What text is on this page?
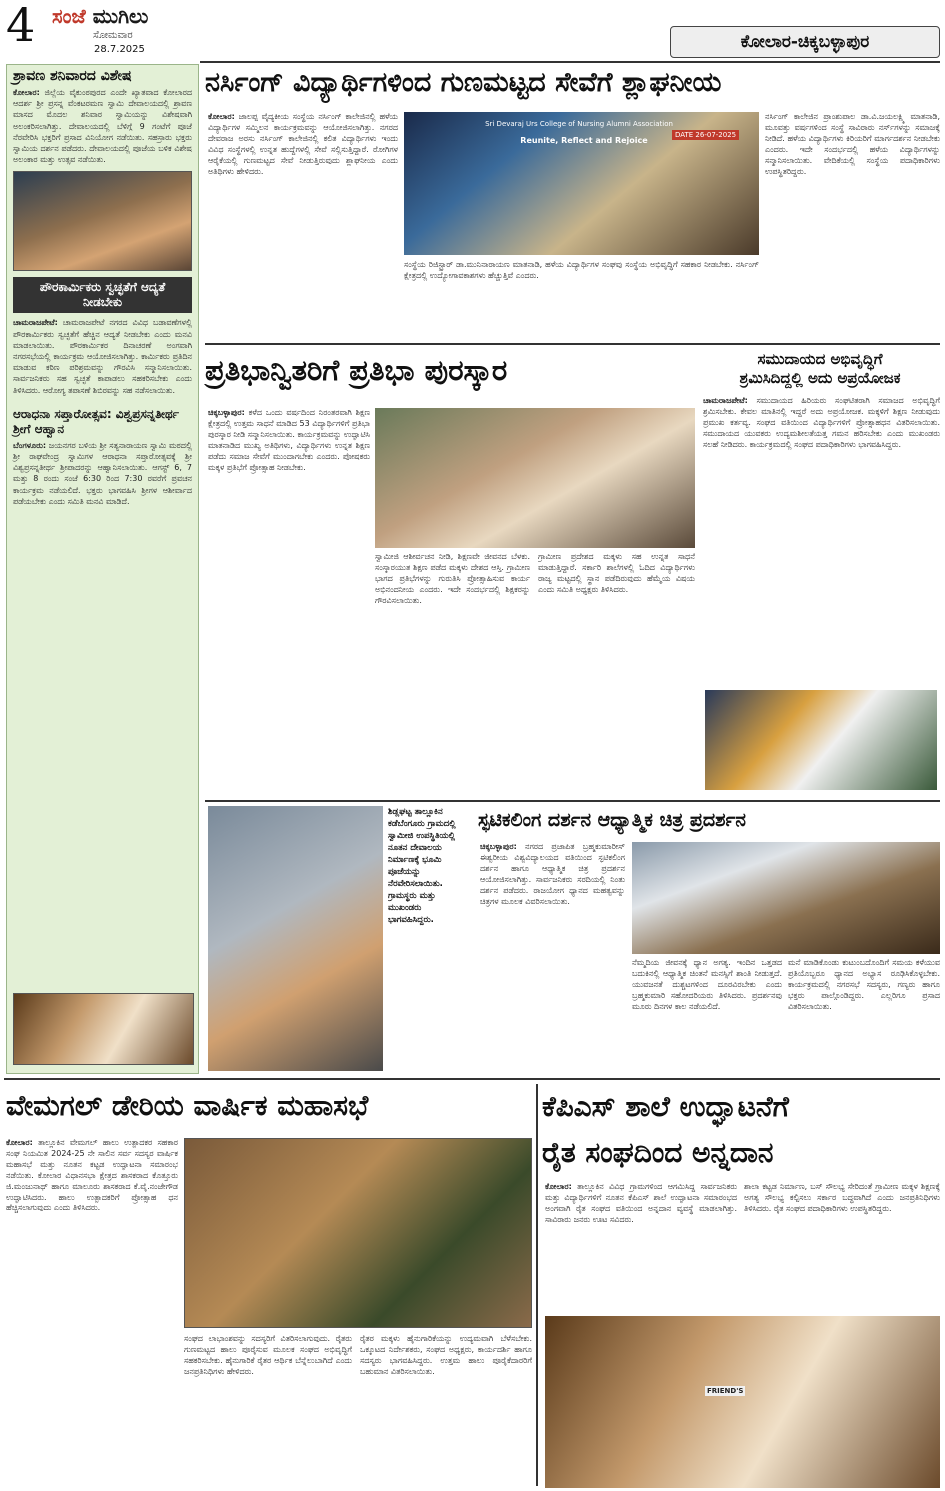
4 ಸಂಜೆ ಮುಗಿಲು
ಸೋಮವಾರ
28.7.2025	ಕೋಲಾರ-ಚಿಕ್ಕಬಳ್ಳಾಪುರ
ಶ್ರಾವಣ ಶನಿವಾರದ ವಿಶೇಷ
ಕೋಲಾರ: ಜಿಲ್ಲೆಯ ವೈಕುಂಠಪುರದ ಎಂದೇ ಖ್ಯಾತವಾದ ಕೋಲಾರದ ಆದರ್ಶ ಶ್ರೀ ಪ್ರಸನ್ನ ವೆಂಕಟರಮಣ ಸ್ವಾಮಿ ದೇವಾಲಯದಲ್ಲಿ ಶ್ರಾವಣ ಮಾಸದ ಮೊದಲ ಶನಿವಾರ ಸ್ವಾಮಿಯನ್ನು ವಿಶೇಷವಾಗಿ ಅಲಂಕರಿಸಲಾಗಿತ್ತು. ದೇವಾಲಯದಲ್ಲಿ ಬೆಳಿಗ್ಗೆ 9 ಗಂಟೆಗೆ ಪೂಜೆ ನೆರವೇರಿಸಿ ಭಕ್ತರಿಗೆ ಪ್ರಸಾದ ವಿನಿಯೋಗ ನಡೆಯಿತು. ಸಹಸ್ರಾರು ಭಕ್ತರು ಸ್ವಾಮಿಯ ದರ್ಶನ ಪಡೆದರು. ದೇವಾಲಯದಲ್ಲಿ ಪೂಜೆಯ ಬಳಿಕ ವಿಶೇಷ ಅಲಂಕಾರ ಮತ್ತು ಉತ್ಸವ ನಡೆಯಿತು.
ಪೌರಕಾರ್ಮಿಕರು ಸ್ವಚ್ಛತೆಗೆ ಆದ್ಯತೆ ನೀಡಬೇಕು
ಚಾಮರಾಜಪೇಟೆ: ಚಾಮರಾಜಪೇಟೆ ನಗರದ ವಿವಿಧ ಬಡಾವಣೆಗಳಲ್ಲಿ ಪೌರಕಾರ್ಮಿಕರು ಸ್ವಚ್ಛತೆಗೆ ಹೆಚ್ಚಿನ ಆದ್ಯತೆ ನೀಡಬೇಕು ಎಂದು ಮನವಿ ಮಾಡಲಾಯಿತು. ಪೌರಕಾರ್ಮಿಕರ ದಿನಾಚರಣೆ ಅಂಗವಾಗಿ ನಗರಸಭೆಯಲ್ಲಿ ಕಾರ್ಯಕ್ರಮ ಆಯೋಜಿಸಲಾಗಿತ್ತು. ಕಾರ್ಮಿಕರು ಪ್ರತಿದಿನ ಮಾಡುವ ಕಠಿಣ ಪರಿಶ್ರಮವನ್ನು ಗೌರವಿಸಿ ಸನ್ಮಾನಿಸಲಾಯಿತು. ಸಾರ್ವಜನಿಕರು ಸಹ ಸ್ವಚ್ಛತೆ ಕಾಪಾಡಲು ಸಹಕರಿಸಬೇಕು ಎಂದು ತಿಳಿಸಿದರು. ಆರೋಗ್ಯ ತಪಾಸಣೆ ಶಿಬಿರವನ್ನು ಸಹ ನಡೆಸಲಾಯಿತು.
ಆರಾಧನಾ ಸಪ್ತಾರೋತ್ಸವ: ವಿಶ್ವಪ್ರಸನ್ನತೀರ್ಥ ಶ್ರೀಗೆ ಆಹ್ವಾನ
ಬೆಂಗಳೂರು: ಜಯನಗರ ಬಳಿಯ ಶ್ರೀ ಸತ್ಯನಾರಾಯಣ ಸ್ವಾಮಿ ಮಠದಲ್ಲಿ ಶ್ರೀ ರಾಘವೇಂದ್ರ ಸ್ವಾಮಿಗಳ ಆರಾಧನಾ ಸಪ್ತಾರೋತ್ಸವಕ್ಕೆ ಶ್ರೀ ವಿಶ್ವಪ್ರಸನ್ನತೀರ್ಥ ಶ್ರೀಪಾದರನ್ನು ಆಹ್ವಾನಿಸಲಾಯಿತು. ಆಗಸ್ಟ್ 6, 7 ಮತ್ತು 8 ರಂದು ಸಂಜೆ 6:30 ರಿಂದ 7:30 ರವರೆಗೆ ಪ್ರವಚನ ಕಾರ್ಯಕ್ರಮ ನಡೆಯಲಿದೆ. ಭಕ್ತರು ಭಾಗವಹಿಸಿ ಶ್ರೀಗಳ ಆಶೀರ್ವಾದ ಪಡೆಯಬೇಕು ಎಂದು ಸಮಿತಿ ಮನವಿ ಮಾಡಿದೆ.
ನರ್ಸಿಂಗ್ ವಿದ್ಯಾರ್ಥಿಗಳಿಂದ ಗುಣಮಟ್ಟದ ಸೇವೆಗೆ ಶ್ಲಾಘನೀಯ
ಕೋಲಾರ: ಜಾಲಪ್ಪ ವೈದ್ಯಕೀಯ ಸಂಸ್ಥೆಯ ನರ್ಸಿಂಗ್ ಕಾಲೇಜಿನಲ್ಲಿ ಹಳೆಯ ವಿದ್ಯಾರ್ಥಿಗಳ ಸಮ್ಮಿಲನ ಕಾರ್ಯಕ್ರಮವನ್ನು ಆಯೋಜಿಸಲಾಗಿತ್ತು. ನಗರದ ದೇವರಾಜ ಅರಸು ನರ್ಸಿಂಗ್ ಕಾಲೇಜಿನಲ್ಲಿ ಕಲಿತ ವಿದ್ಯಾರ್ಥಿಗಳು ಇಂದು ವಿವಿಧ ಸಂಸ್ಥೆಗಳಲ್ಲಿ ಉನ್ನತ ಹುದ್ದೆಗಳಲ್ಲಿ ಸೇವೆ ಸಲ್ಲಿಸುತ್ತಿದ್ದಾರೆ. ರೋಗಿಗಳ ಆರೈಕೆಯಲ್ಲಿ ಗುಣಮಟ್ಟದ ಸೇವೆ ನೀಡುತ್ತಿರುವುದು ಶ್ಲಾಘನೀಯ ಎಂದು ಅತಿಥಿಗಳು ಹೇಳಿದರು.
Sri Devaraj Urs College of Nursing Alumni Association
Reunite, Reflect and Rejoice
DATE 26-07-2025
ಸಂಸ್ಥೆಯ ರಿಜಿಸ್ಟ್ರಾರ್ ಡಾ.ಮುನಿನಾರಾಯಣ ಮಾತನಾಡಿ, ಹಳೆಯ ವಿದ್ಯಾರ್ಥಿಗಳ ಸಂಘವು ಸಂಸ್ಥೆಯ ಅಭಿವೃದ್ಧಿಗೆ ಸಹಕಾರ ನೀಡಬೇಕು. ನರ್ಸಿಂಗ್ ಕ್ಷೇತ್ರದಲ್ಲಿ ಉದ್ಯೋಗಾವಕಾಶಗಳು ಹೆಚ್ಚುತ್ತಿವೆ ಎಂದರು.
ನರ್ಸಿಂಗ್ ಕಾಲೇಜಿನ ಪ್ರಾಂಶುಪಾಲ ಡಾ.ವಿ.ಜಯಲಕ್ಷ್ಮಿ ಮಾತನಾಡಿ, ಮೂವತ್ತು ವರ್ಷಗಳಿಂದ ಸಂಸ್ಥೆ ಸಾವಿರಾರು ನರ್ಸ್‌ಗಳನ್ನು ಸಮಾಜಕ್ಕೆ ನೀಡಿದೆ. ಹಳೆಯ ವಿದ್ಯಾರ್ಥಿಗಳು ಕಿರಿಯರಿಗೆ ಮಾರ್ಗದರ್ಶನ ನೀಡಬೇಕು ಎಂದರು. ಇದೇ ಸಂದರ್ಭದಲ್ಲಿ ಹಳೆಯ ವಿದ್ಯಾರ್ಥಿಗಳನ್ನು ಸನ್ಮಾನಿಸಲಾಯಿತು. ವೇದಿಕೆಯಲ್ಲಿ ಸಂಸ್ಥೆಯ ಪದಾಧಿಕಾರಿಗಳು ಉಪಸ್ಥಿತರಿದ್ದರು.
ಪ್ರತಿಭಾನ್ವಿತರಿಗೆ ಪ್ರತಿಭಾ ಪುರಸ್ಕಾರ
ಚಿಕ್ಕಬಳ್ಳಾಪುರ: ಕಳೆದ ಒಂದು ವರ್ಷದಿಂದ ನಿರಂತರವಾಗಿ ಶಿಕ್ಷಣ ಕ್ಷೇತ್ರದಲ್ಲಿ ಉತ್ತಮ ಸಾಧನೆ ಮಾಡಿದ 53 ವಿದ್ಯಾರ್ಥಿಗಳಿಗೆ ಪ್ರತಿಭಾ ಪುರಸ್ಕಾರ ನೀಡಿ ಸನ್ಮಾನಿಸಲಾಯಿತು. ಕಾರ್ಯಕ್ರಮವನ್ನು ಉದ್ಘಾಟಿಸಿ ಮಾತನಾಡಿದ ಮುಖ್ಯ ಅತಿಥಿಗಳು, ವಿದ್ಯಾರ್ಥಿಗಳು ಉನ್ನತ ಶಿಕ್ಷಣ ಪಡೆದು ಸಮಾಜ ಸೇವೆಗೆ ಮುಂದಾಗಬೇಕು ಎಂದರು. ಪೋಷಕರು ಮಕ್ಕಳ ಪ್ರತಿಭೆಗೆ ಪ್ರೋತ್ಸಾಹ ನೀಡಬೇಕು.
ಸ್ವಾಮೀಜಿ ಆಶೀರ್ವಚನ ನೀಡಿ, ಶಿಕ್ಷಣವೇ ಜೀವನದ ಬೆಳಕು. ಸಂಸ್ಕಾರಯುತ ಶಿಕ್ಷಣ ಪಡೆದ ಮಕ್ಕಳು ದೇಶದ ಆಸ್ತಿ. ಗ್ರಾಮೀಣ ಭಾಗದ ಪ್ರತಿಭೆಗಳನ್ನು ಗುರುತಿಸಿ ಪ್ರೋತ್ಸಾಹಿಸುವ ಕಾರ್ಯ ಅಭಿನಂದನೀಯ ಎಂದರು. ಇದೇ ಸಂದರ್ಭದಲ್ಲಿ ಶಿಕ್ಷಕರನ್ನು ಗೌರವಿಸಲಾಯಿತು.
ಗ್ರಾಮೀಣ ಪ್ರದೇಶದ ಮಕ್ಕಳು ಸಹ ಉನ್ನತ ಸಾಧನೆ ಮಾಡುತ್ತಿದ್ದಾರೆ. ಸರ್ಕಾರಿ ಶಾಲೆಗಳಲ್ಲಿ ಓದಿದ ವಿದ್ಯಾರ್ಥಿಗಳು ರಾಜ್ಯ ಮಟ್ಟದಲ್ಲಿ ಸ್ಥಾನ ಪಡೆದಿರುವುದು ಹೆಮ್ಮೆಯ ವಿಷಯ ಎಂದು ಸಮಿತಿ ಅಧ್ಯಕ್ಷರು ತಿಳಿಸಿದರು.
ಸಮುದಾಯದ ಅಭಿವೃದ್ಧಿಗೆ
ಶ್ರಮಿಸಿದಿದ್ದಲ್ಲಿ ಅದು ಅಪ್ರಯೋಜಕ
ಚಾಮರಾಜಪೇಟೆ: ಸಮುದಾಯದ ಹಿರಿಯರು ಸಂಘಟಿತರಾಗಿ ಸಮಾಜದ ಅಭಿವೃದ್ಧಿಗೆ ಶ್ರಮಿಸಬೇಕು. ಕೇವಲ ಮಾತಿನಲ್ಲಿ ಇದ್ದರೆ ಅದು ಅಪ್ರಯೋಜಕ. ಮಕ್ಕಳಿಗೆ ಶಿಕ್ಷಣ ನೀಡುವುದು ಪ್ರಮುಖ ಕರ್ತವ್ಯ. ಸಂಘದ ವತಿಯಿಂದ ವಿದ್ಯಾರ್ಥಿಗಳಿಗೆ ಪ್ರೋತ್ಸಾಹಧನ ವಿತರಿಸಲಾಯಿತು. ಸಮುದಾಯದ ಯುವಕರು ಉದ್ಯಮಶೀಲತೆಯತ್ತ ಗಮನ ಹರಿಸಬೇಕು ಎಂದು ಮುಖಂಡರು ಸಲಹೆ ನೀಡಿದರು. ಕಾರ್ಯಕ್ರಮದಲ್ಲಿ ಸಂಘದ ಪದಾಧಿಕಾರಿಗಳು ಭಾಗವಹಿಸಿದ್ದರು.
ಶಿಡ್ಲಘಟ್ಟ ತಾಲ್ಲೂಕಿನ ಕಡೆಬೆಂಗೂರು ಗ್ರಾಮದಲ್ಲಿ ಸ್ವಾಮೀಜಿ ಉಪಸ್ಥಿತಿಯಲ್ಲಿ ನೂತನ ದೇವಾಲಯ ನಿರ್ಮಾಣಕ್ಕೆ ಭೂಮಿ ಪೂಜೆಯನ್ನು ನೆರವೇರಿಸಲಾಯಿತು. ಗ್ರಾಮಸ್ಥರು ಮತ್ತು ಮುಖಂಡರು ಭಾಗವಹಿಸಿದ್ದರು.
ಸ್ಫಟಿಕಲಿಂಗ ದರ್ಶನ ಆಧ್ಯಾತ್ಮಿಕ ಚಿತ್ರ ಪ್ರದರ್ಶನ
ಚಿಕ್ಕಬಳ್ಳಾಪುರ: ನಗರದ ಪ್ರಜಾಪಿತ ಬ್ರಹ್ಮಕುಮಾರೀಸ್ ಈಶ್ವರೀಯ ವಿಶ್ವವಿದ್ಯಾಲಯದ ವತಿಯಿಂದ ಸ್ಫಟಿಕಲಿಂಗ ದರ್ಶನ ಹಾಗೂ ಆಧ್ಯಾತ್ಮಿಕ ಚಿತ್ರ ಪ್ರದರ್ಶನ ಆಯೋಜಿಸಲಾಗಿತ್ತು. ಸಾರ್ವಜನಿಕರು ಸರದಿಯಲ್ಲಿ ನಿಂತು ದರ್ಶನ ಪಡೆದರು. ರಾಜಯೋಗ ಧ್ಯಾನದ ಮಹತ್ವವನ್ನು ಚಿತ್ರಗಳ ಮೂಲಕ ವಿವರಿಸಲಾಯಿತು.
ನೆಮ್ಮದಿಯ ಜೀವನಕ್ಕೆ ಧ್ಯಾನ ಅಗತ್ಯ. ಇಂದಿನ ಒತ್ತಡದ ಬದುಕಿನಲ್ಲಿ ಆಧ್ಯಾತ್ಮಿಕ ಚಿಂತನೆ ಮನಸ್ಸಿಗೆ ಶಾಂತಿ ನೀಡುತ್ತದೆ. ಯುವಜನತೆ ದುಶ್ಚಟಗಳಿಂದ ದೂರವಿರಬೇಕು ಎಂದು ಬ್ರಹ್ಮಕುಮಾರಿ ಸಹೋದರಿಯರು ತಿಳಿಸಿದರು. ಪ್ರದರ್ಶನವು ಮೂರು ದಿನಗಳ ಕಾಲ ನಡೆಯಲಿದೆ.
ಮನೆ ಮಾಡಿಕೊಂಡು ಕುಟುಂಬದೊಂದಿಗೆ ಸಮಯ ಕಳೆಯುವ ಪ್ರತಿಯೊಬ್ಬರೂ ಧ್ಯಾನದ ಅಭ್ಯಾಸ ರೂಢಿಸಿಕೊಳ್ಳಬೇಕು. ಕಾರ್ಯಕ್ರಮದಲ್ಲಿ ನಗರಸಭೆ ಸದಸ್ಯರು, ಗಣ್ಯರು ಹಾಗೂ ಭಕ್ತರು ಪಾಲ್ಗೊಂಡಿದ್ದರು. ಎಲ್ಲರಿಗೂ ಪ್ರಸಾದ ವಿತರಿಸಲಾಯಿತು.
ವೇಮಗಲ್ ಡೇರಿಯ ವಾರ್ಷಿಕ ಮಹಾಸಭೆ
ಕೋಲಾರ: ತಾಲ್ಲೂಕಿನ ವೇಮಗಲ್ ಹಾಲು ಉತ್ಪಾದಕರ ಸಹಕಾರ ಸಂಘ ನಿಯಮಿತ 2024-25 ನೇ ಸಾಲಿನ ಸರ್ವ ಸದಸ್ಯರ ವಾರ್ಷಿಕ ಮಹಾಸಭೆ ಮತ್ತು ನೂತನ ಕಟ್ಟಡ ಉದ್ಘಾಟನಾ ಸಮಾರಂಭ ನಡೆಯಿತು. ಕೋಲಾರ ವಿಧಾನಸಭಾ ಕ್ಷೇತ್ರದ ಶಾಸಕರಾದ ಕೊತ್ತೂರು ಜಿ.ಮಂಜುನಾಥ್ ಹಾಗೂ ಮಾಲೂರು ಶಾಸಕರಾದ ಕೆ.ವೈ.ನಂಜೇಗೌಡ ಉದ್ಘಾಟಿಸಿದರು. ಹಾಲು ಉತ್ಪಾದಕರಿಗೆ ಪ್ರೋತ್ಸಾಹ ಧನ ಹೆಚ್ಚಿಸಲಾಗುವುದು ಎಂದು ತಿಳಿಸಿದರು.
ಸಂಘದ ಲಾಭಾಂಶವನ್ನು ಸದಸ್ಯರಿಗೆ ವಿತರಿಸಲಾಗುವುದು. ರೈತರು ಗುಣಮಟ್ಟದ ಹಾಲು ಪೂರೈಸುವ ಮೂಲಕ ಸಂಘದ ಅಭಿವೃದ್ಧಿಗೆ ಸಹಕರಿಸಬೇಕು. ಹೈನುಗಾರಿಕೆ ರೈತರ ಆರ್ಥಿಕ ಬೆನ್ನೆಲುಬಾಗಿದೆ ಎಂದು ಜನಪ್ರತಿನಿಧಿಗಳು ಹೇಳಿದರು.
ರೈತರ ಮಕ್ಕಳು ಹೈನುಗಾರಿಕೆಯನ್ನು ಉದ್ಯಮವಾಗಿ ಬೆಳೆಸಬೇಕು. ಒಕ್ಕೂಟದ ನಿರ್ದೇಶಕರು, ಸಂಘದ ಅಧ್ಯಕ್ಷರು, ಕಾರ್ಯದರ್ಶಿ ಹಾಗೂ ಸದಸ್ಯರು ಭಾಗವಹಿಸಿದ್ದರು. ಉತ್ತಮ ಹಾಲು ಪೂರೈಕೆದಾರರಿಗೆ ಬಹುಮಾನ ವಿತರಿಸಲಾಯಿತು.
ಕೆಪಿಎಸ್ ಶಾಲೆ ಉದ್ಘಾಟನೆಗೆ
ರೈತ ಸಂಘದಿಂದ ಅನ್ನದಾನ
ಕೋಲಾರ: ತಾಲ್ಲೂಕಿನ ವಿವಿಧ ಗ್ರಾಮಗಳಿಂದ ಆಗಮಿಸಿದ್ದ ಸಾರ್ವಜನಿಕರು ಮತ್ತು ವಿದ್ಯಾರ್ಥಿಗಳಿಗೆ ನೂತನ ಕೆಪಿಎಸ್ ಶಾಲೆ ಉದ್ಘಾಟನಾ ಸಮಾರಂಭದ ಅಂಗವಾಗಿ ರೈತ ಸಂಘದ ವತಿಯಿಂದ ಅನ್ನದಾನ ವ್ಯವಸ್ಥೆ ಮಾಡಲಾಗಿತ್ತು. ಸಾವಿರಾರು ಜನರು ಊಟ ಸವಿದರು.
ಶಾಲಾ ಕಟ್ಟಡ ನಿರ್ಮಾಣ, ಬಸ್ ಸೌಲಭ್ಯ ಸೇರಿದಂತೆ ಗ್ರಾಮೀಣ ಮಕ್ಕಳ ಶಿಕ್ಷಣಕ್ಕೆ ಅಗತ್ಯ ಸೌಲಭ್ಯ ಕಲ್ಪಿಸಲು ಸರ್ಕಾರ ಬದ್ಧವಾಗಿದೆ ಎಂದು ಜನಪ್ರತಿನಿಧಿಗಳು ತಿಳಿಸಿದರು. ರೈತ ಸಂಘದ ಪದಾಧಿಕಾರಿಗಳು ಉಪಸ್ಥಿತರಿದ್ದರು.
FRIEND'S
